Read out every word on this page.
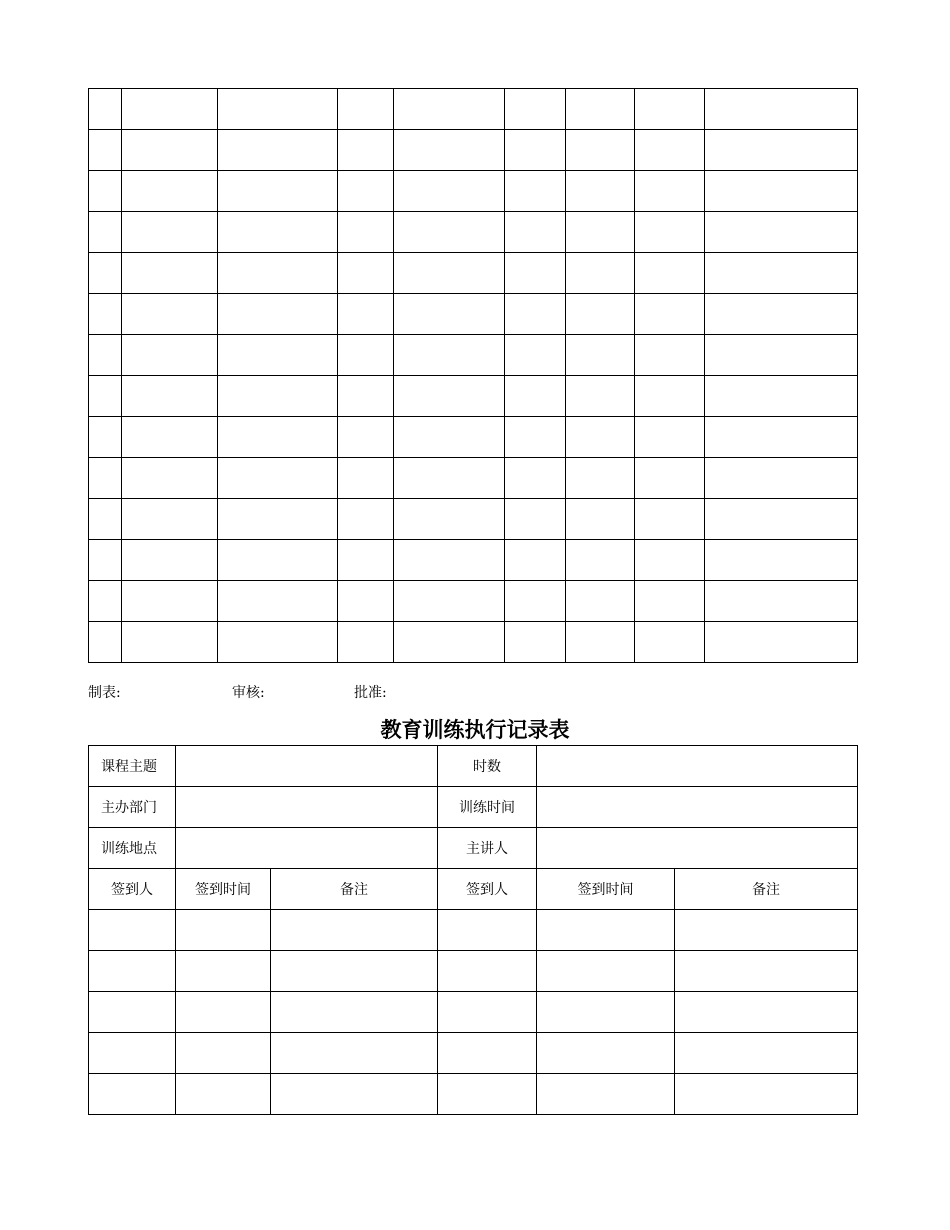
制表:	审核:	批准:
教育训练执行记录表
课程主题			时数		
主办部门			训练时间		
训练地点			主讲人		
签到人	签到时间	备注	签到人	签到时间	备注
